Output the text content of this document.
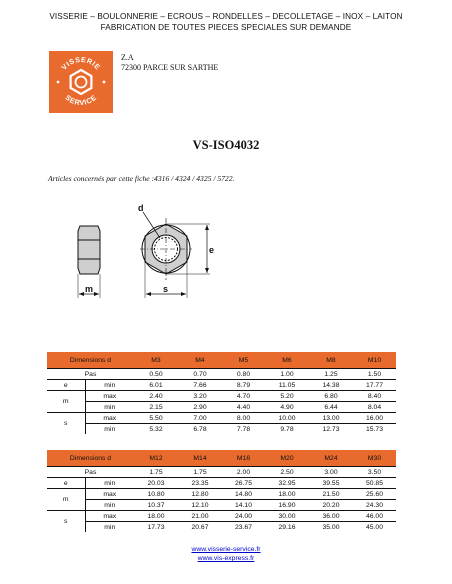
VISSERIE – BOULONNERIE – ECROUS – RONDELLES – DECOLLETAGE – INOX – LAITON
FABRICATION DE TOUTES PIECES SPECIALES SUR DEMANDE
VISSERIE
SERVICE
Z.A
72300 PARCE SUR SARTHE
VS-ISO4032
Articles concernés par cette fiche :4316 / 4324 / 4325 / 5722.
d
e
s
m
Dimensions d		M3	M4	M5	M6	M8	M10
Pas		0.50	0.70	0.80	1.00	1.25	1.50
e	min	6.01	7.66	8.79	11.05	14.38	17.77
m	max	2.40	3.20	4.70	5.20	6.80	8.40
	min	2.15	2.90	4.40	4.90	6.44	8.04
s	max	5.50	7.00	8.00	10.00	13.00	16.00
	min	5.32	6.78	7.78	9.78	12.73	15.73
Dimensions d		M12	M14	M16	M20	M24	M30
Pas		1.75	1.75	2.00	2.50	3.00	3.50
e	min	20.03	23.35	26.75	32.95	39.55	50.85
m	max	10.80	12.80	14.80	18.00	21.50	25.60
	min	10.37	12.10	14.10	16.90	20.20	24.30
s	max	18.00	21.00	24.00	30.00	36.00	46.00
	min	17.73	20.67	23.67	29.16	35.00	45.00
www.visserie-service.fr
www.vis-express.fr
